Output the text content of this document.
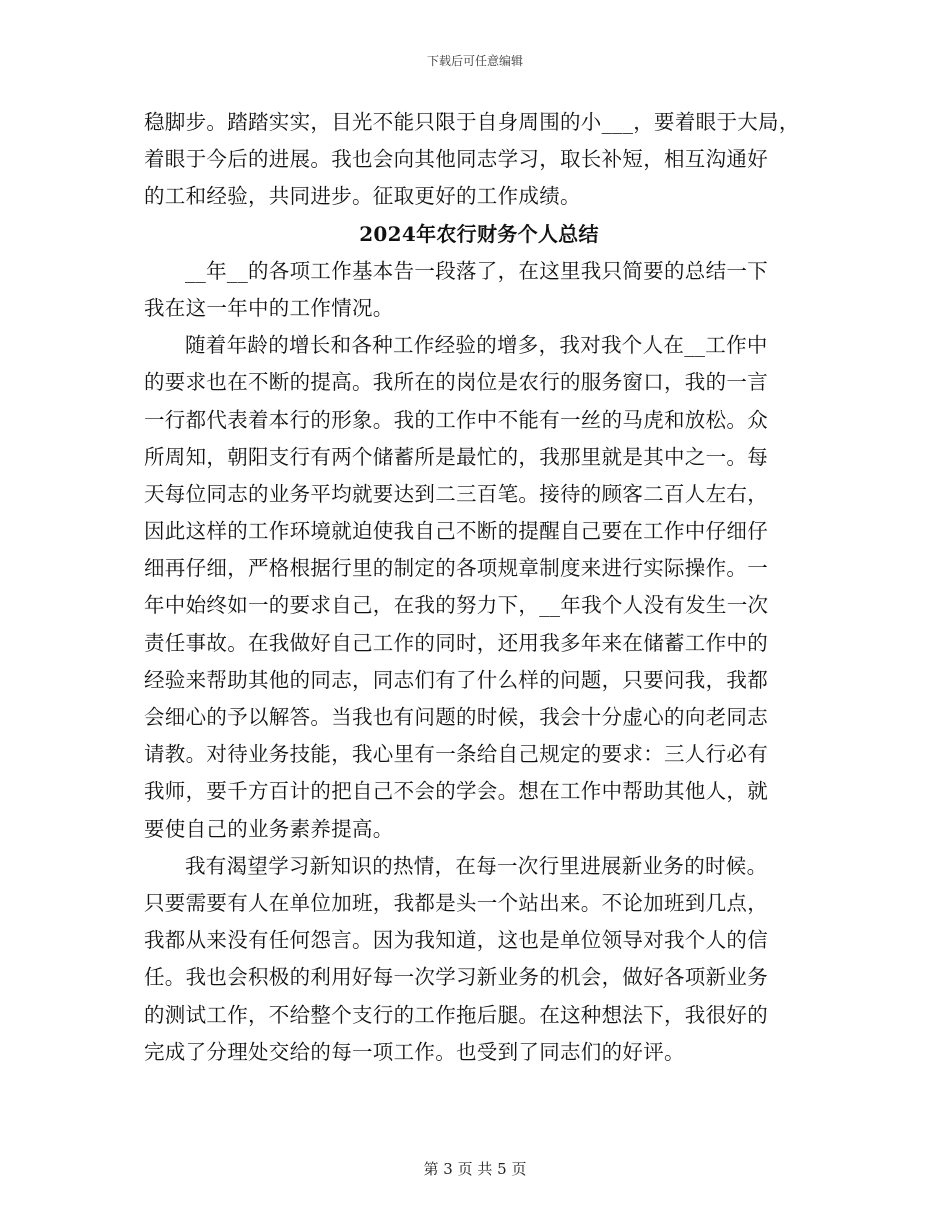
下载后可任意编辑
稳脚步。踏踏实实，目光不能只限于自身周围的小___，要着眼于大局，
着眼于今后的进展。我也会向其他同志学习，取长补短，相互沟通好
的工和经验，共同进步。征取更好的工作成绩。
2024年农行财务个人总结
__年__的各项工作基本告一段落了，在这里我只简要的总结一下
我在这一年中的工作情况。
随着年龄的增长和各种工作经验的增多，我对我个人在__工作中
的要求也在不断的提高。我所在的岗位是农行的服务窗口，我的一言
一行都代表着本行的形象。我的工作中不能有一丝的马虎和放松。众
所周知，朝阳支行有两个储蓄所是最忙的，我那里就是其中之一。每
天每位同志的业务平均就要达到二三百笔。接待的顾客二百人左右，
因此这样的工作环境就迫使我自己不断的提醒自己要在工作中仔细仔
细再仔细，严格根据行里的制定的各项规章制度来进行实际操作。一
年中始终如一的要求自己，在我的努力下，__年我个人没有发生一次
责任事故。在我做好自己工作的同时，还用我多年来在储蓄工作中的
经验来帮助其他的同志，同志们有了什么样的问题，只要问我，我都
会细心的予以解答。当我也有问题的时候，我会十分虚心的向老同志
请教。对待业务技能，我心里有一条给自己规定的要求：三人行必有
我师，要千方百计的把自己不会的学会。想在工作中帮助其他人，就
要使自己的业务素养提高。
我有渴望学习新知识的热情，在每一次行里进展新业务的时候。
只要需要有人在单位加班，我都是头一个站出来。不论加班到几点，
我都从来没有任何怨言。因为我知道，这也是单位领导对我个人的信
任。我也会积极的利用好每一次学习新业务的机会，做好各项新业务
的测试工作，不给整个支行的工作拖后腿。在这种想法下，我很好的
完成了分理处交给的每一项工作。也受到了同志们的好评。
第 3 页 共 5 页
